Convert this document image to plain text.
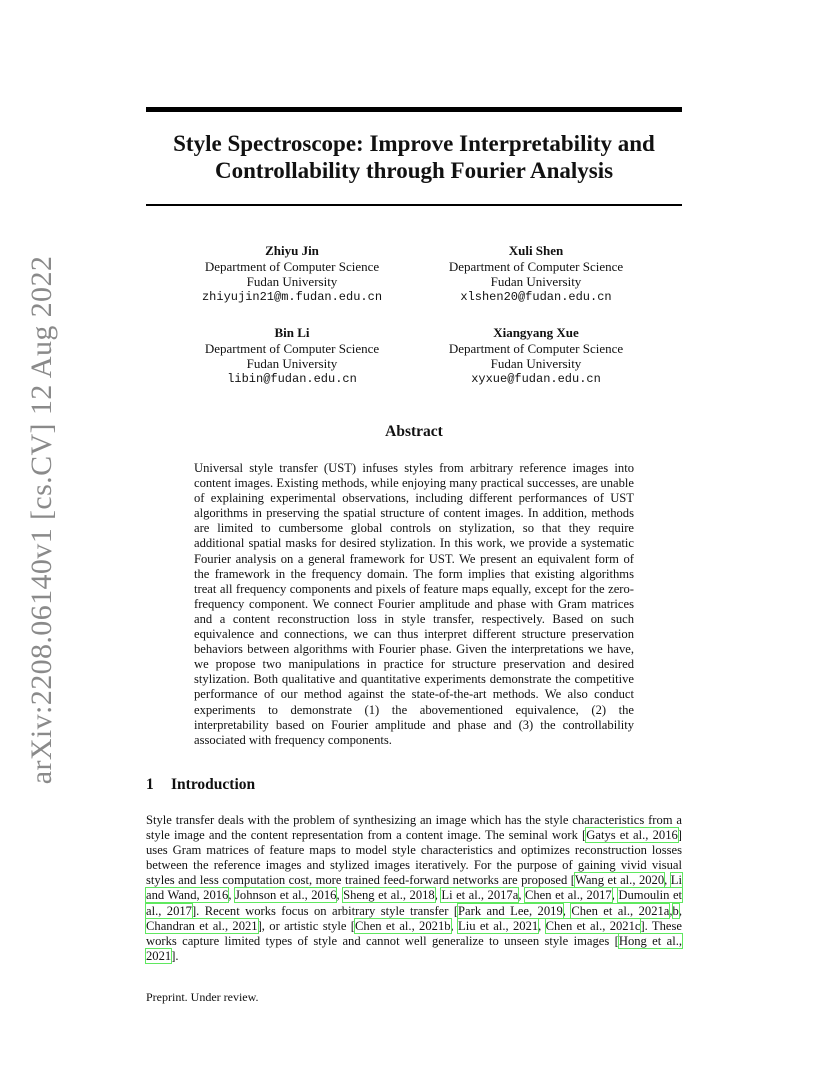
arXiv:2208.06140v1 [cs.CV] 12 Aug 2022
Style Spectroscope: Improve Interpretability and
Controllability through Fourier Analysis
Zhiyu Jin
Department of Computer Science
Fudan University
zhiyujin21@m.fudan.edu.cn
Xuli Shen
Department of Computer Science
Fudan University
xlshen20@fudan.edu.cn
Bin Li
Department of Computer Science
Fudan University
libin@fudan.edu.cn
Xiangyang Xue
Department of Computer Science
Fudan University
xyxue@fudan.edu.cn
Abstract

Universal style transfer (UST) infuses styles from arbitrary reference images into content images. Existing methods, while enjoying many practical successes, are unable of explaining experimental observations, including different performances of UST algorithms in preserving the spatial structure of content images. In addition, methods are limited to cumbersome global controls on stylization, so that they require additional spatial masks for desired stylization. In this work, we provide a systematic Fourier analysis on a general framework for UST. We present an equivalent form of the framework in the frequency domain. The form implies that existing algorithms treat all frequency components and pixels of feature maps equally, except for the zero-frequency component. We connect Fourier amplitude and phase with Gram matrices and a content reconstruction loss in style transfer, respectively. Based on such equivalence and connections, we can thus interpret different structure preservation behaviors between algorithms with Fourier phase. Given the interpretations we have, we propose two manipulations in practice for structure preservation and desired stylization. Both qualitative and quantitative experiments demonstrate the competitive performance of our method against the state-of-the-art methods. We also conduct experiments to demonstrate (1) the abovementioned equivalence, (2) the interpretability based on Fourier amplitude and phase and (3) the controllability associated with frequency components.

1 Introduction

Style transfer deals with the problem of synthesizing an image which has the style characteristics from a style image and the content representation from a content image. The seminal work [Gatys et al., 2016] uses Gram matrices of feature maps to model style characteristics and optimizes reconstruction losses between the reference images and stylized images iteratively. For the purpose of gaining vivid visual styles and less computation cost, more trained feed-forward networks are proposed [Wang et al., 2020, Li and Wand, 2016, Johnson et al., 2016, Sheng et al., 2018, Li et al., 2017a, Chen et al., 2017, Dumoulin et al., 2017]. Recent works focus on arbitrary style transfer [Park and Lee, 2019, Chen et al., 2021a,b, Chandran et al., 2021], or artistic style [Chen et al., 2021b, Liu et al., 2021, Chen et al., 2021c]. These works capture limited types of style and cannot well generalize to unseen style images [Hong et al., 2021].

Preprint. Under review.
